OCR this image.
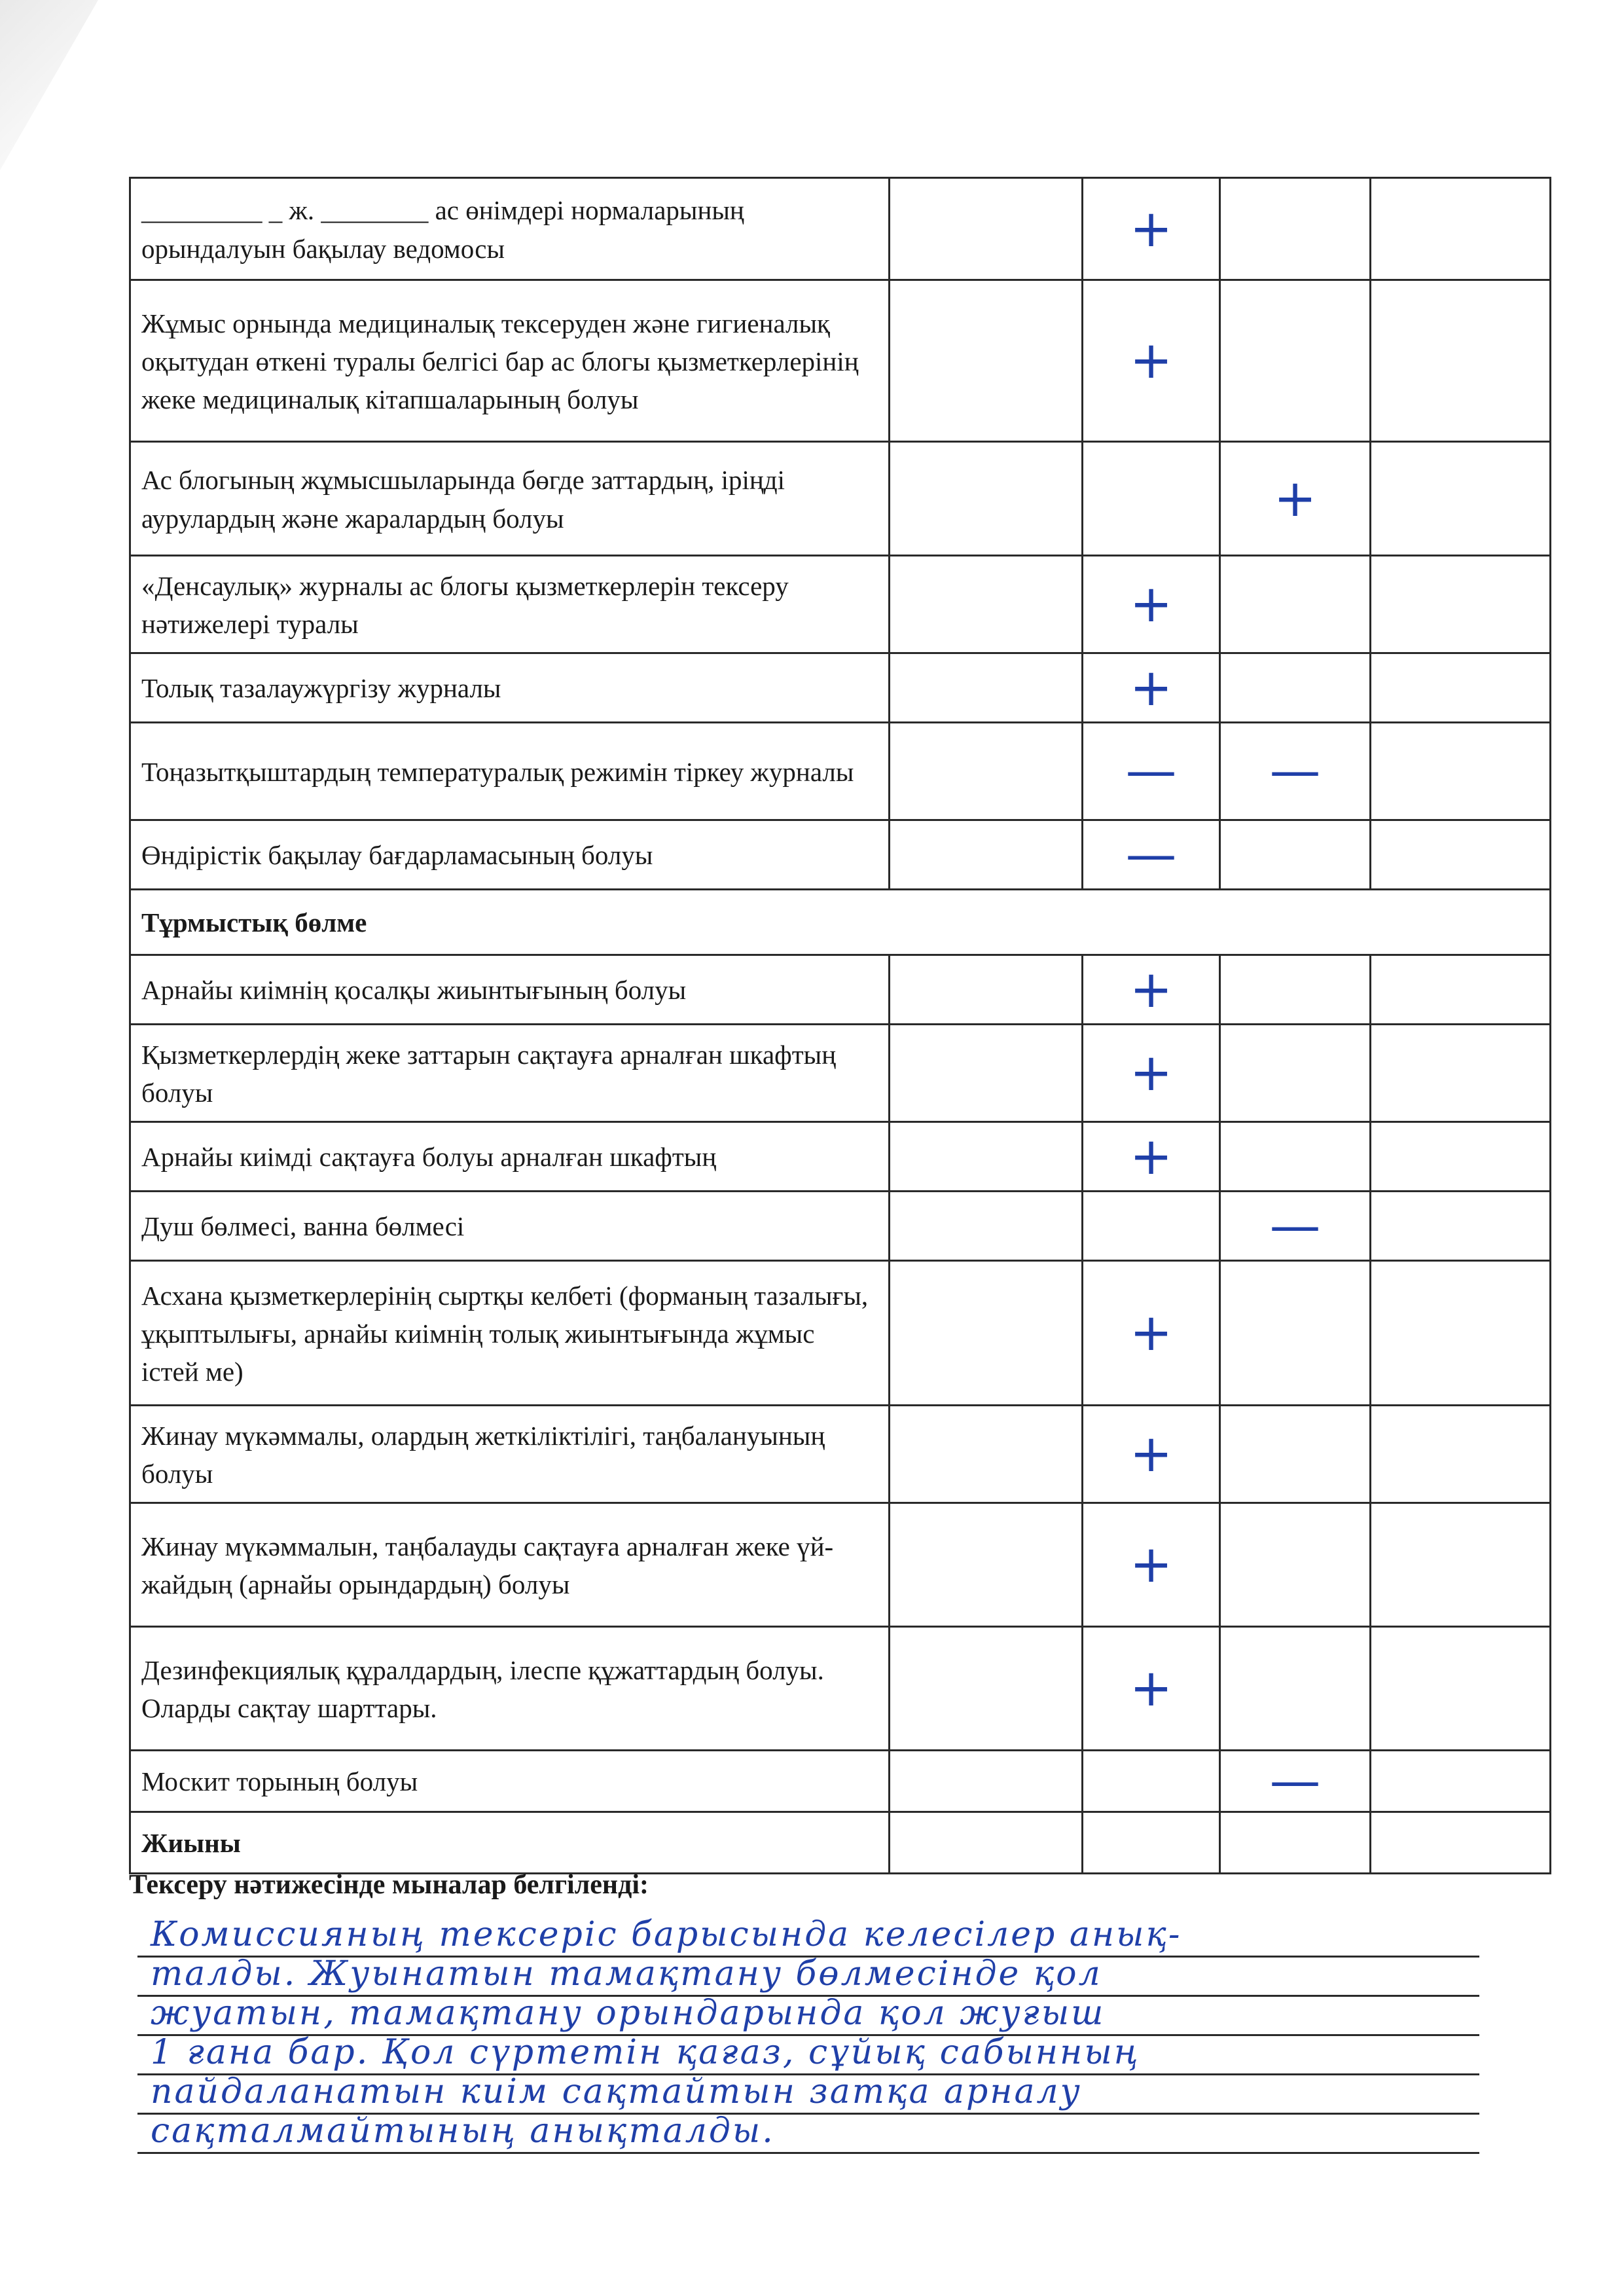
_________ _ ж. ________ ас өнімдері нормаларының орындалуын бақылау ведомосы		+		
Жұмыс орнында медициналық тексеруден және гигиеналық оқытудан өткені туралы белгісі бар ас блогы қызметкерлерінің жеке медициналық кітапшаларының болуы		+		
Ас блогының жұмысшыларында бөгде заттардың, іріңді аурулардың және жаралардың болуы			+	
«Денсаулық» журналы ас блогы қызметкерлерін тексеру нәтижелері туралы		+		
Толық тазалаужүргізу журналы		+		
Тоңазытқыштардың температуралық режимін тіркеу журналы		—	—	
Өндірістік бақылау бағдарламасының болуы		—		
Тұрмыстық бөлме				
Арнайы киімнің қосалқы жиынтығының болуы		+		
Қызметкерлердің жеке заттарын сақтауға арналған шкафтың болуы		+		
Арнайы киімді сақтауға болуы арналған шкафтың		+		
Душ бөлмесі, ванна бөлмесі			—	
Асхана қызметкерлерінің сыртқы келбеті (форманың тазалығы, ұқыптылығы, арнайы киімнің толық жиынтығында жұмыс істей ме)		+		
Жинау мүкәммалы, олардың жеткіліктілігі, таңбалануының болуы		+		
Жинау мүкәммалын, таңбалауды сақтауға арналған жеке үй-жайдың (арнайы орындардың) болуы		+		
Дезинфекциялық құралдардың, ілеспе құжаттардың болуы. Оларды сақтау шарттары.		+		
Москит торының болуы			—	
Жиыны				
Тексеру нәтижесінде мыналар белгіленді:
Комиссияның тексеріс барысында келесілер анық-
талды. Жуынатын тамақтану бөлмесінде қол
жуатын, тамақтану орындарында қол жуғыш
1 ғана бар. Қол сүртетін қағаз, сұйық сабынның
пайдаланатын киім сақтайтын затқа арналу
сақталмайтының анықталды.
